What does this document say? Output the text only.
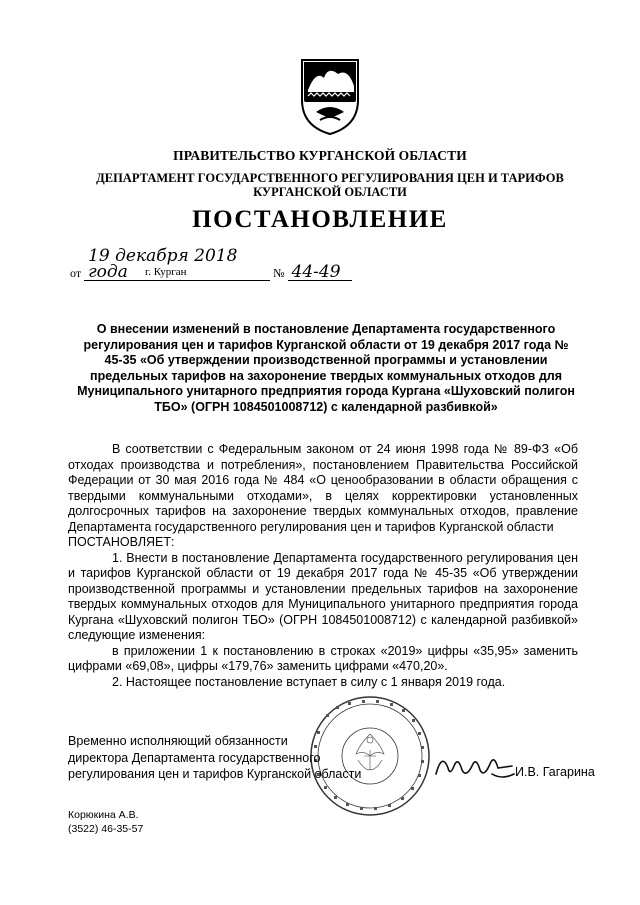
ПРАВИТЕЛЬСТВО КУРГАНСКОЙ ОБЛАСТИ
ДЕПАРТАМЕНТ ГОСУДАРСТВЕННОГО РЕГУЛИРОВАНИЯ ЦЕН И ТАРИФОВ
КУРГАНСКОЙ ОБЛАСТИ
ПОСТАНОВЛЕНИЕ
от 19 декабря 2018 года	№ 44-49
г. Курган
О внесении изменений в постановление Департамента государственного регулирования цен и тарифов Курганской области от 19 декабря 2017 года № 45-35 «Об утверждении производственной программы и установлении предельных тарифов на захоронение твердых коммунальных отходов для Муниципального унитарного предприятия города Кургана «Шуховский полигон ТБО» (ОГРН 1084501008712) с календарной разбивкой»

В соответствии с Федеральным законом от 24 июня 1998 года № 89-ФЗ «Об отходах производства и потребления», постановлением Правительства Российской Федерации от 30 мая 2016 года № 484 «О ценообразовании в области обращения с твердыми коммунальными отходами», в целях корректировки установленных долгосрочных тарифов на захоронение твердых коммунальных отходов, правление Департамента государственного регулирования цен и тарифов Курганской области

ПОСТАНОВЛЯЕТ:

1. Внести в постановление Департамента государственного регулирования цен и тарифов Курганской области от 19 декабря 2017 года № 45-35 «Об утверждении производственной программы и установлении предельных тарифов на захоронение твердых коммунальных отходов для Муниципального унитарного предприятия города Кургана «Шуховский полигон ТБО» (ОГРН 1084501008712) с календарной разбивкой» следующие изменения:

в приложении 1 к постановлению в строках «2019» цифры «35,95» заменить цифрами «69,08», цифры «179,76» заменить цифрами «470,20».

2. Настоящее постановление вступает в силу с 1 января 2019 года.

Временно исполняющий обязанности
директора Департамента государственного
регулирования цен и тарифов Курганской области	И.В. Гагарина
Корюкина А.В.
(3522) 46-35-57
